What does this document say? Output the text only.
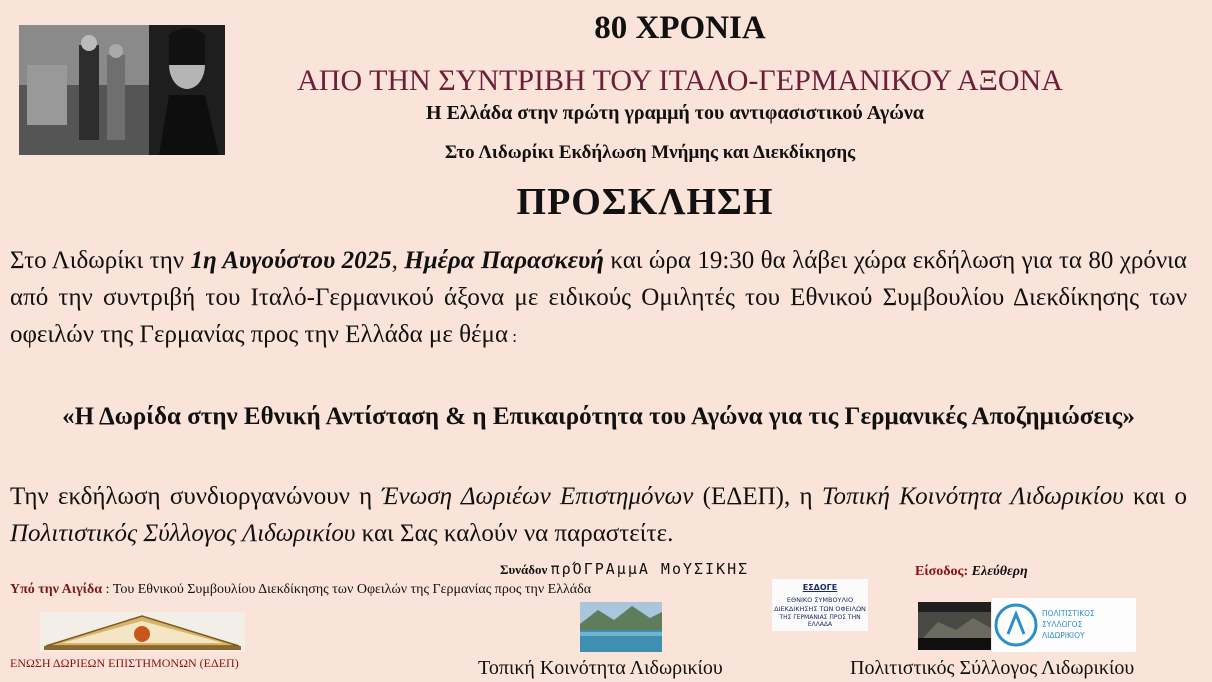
80 ΧΡΟΝΙΑ
ΑΠΟ ΤΗΝ ΣΥΝΤΡΙΒΗ ΤΟΥ ΙΤΑΛΟ-ΓΕΡΜΑΝΙΚΟΥ ΑΞΟΝΑ
Η Ελλάδα στην πρώτη γραμμή του αντιφασιστικού Αγώνα
Στο Λιδωρίκι Εκδήλωση Μνήμης και Διεκδίκησης
ΠΡΟΣΚΛΗΣΗ
Στο Λιδωρίκι την 1η Αυγούστου 2025, Ημέρα Παρασκευή και ώρα 19:30 θα λάβει χώρα εκδήλωση για τα 80 χρόνια από την συντριβή του Ιταλό-Γερμανικού άξονα με ειδικούς Ομιλητές του Εθνικού Συμβουλίου Διεκδίκησης των οφειλών της Γερμανίας προς την Ελλάδα με θέμα :
«Η Δωρίδα στην Εθνική Αντίσταση & η Επικαιρότητα του Αγώνα για τις Γερμανικές Αποζημιώσεις»
Την εκδήλωση συνδιοργανώνουν η Ένωση Δωριέων Επιστημόνων (ΕΔΕΠ), η Τοπική Κοινότητα Λιδωρικίου και ο Πολιτιστικός Σύλλογος Λιδωρικίου και Σας καλούν να παραστείτε.
Υπό την Αιγίδα : Του Εθνικού Συμβουλίου Διεκδίκησης των Οφειλών της Γερμανίας προς την Ελλάδα
Συνάδον πρΌΓΡΑμμΑ ΜοΥΣΙΚΗΣ	Είσοδος: Ελεύθερη
ΕΝΩΣΗ ΔΩΡΙΕΩΝ ΕΠΙΣΤΗΜΟΝΩΝ (ΕΔΕΠ)	Τοπική Κοινότητα Λιδωρικίου
ΕΣΔΟΓΕ
ΕΘΝΙΚΟ ΣΥΜΒΟΥΛΙΟ
ΔΙΕΚΔΙΚΗΣΗΣ ΤΩΝ ΟΦΕΙΛΩΝ
ΤΗΣ ΓΕΡΜΑΝΙΑΣ ΠΡΟΣ ΤΗΝ ΕΛΛΑΔΑ
ΠΟΛΙΤΙΣΤΙΚΟΣ
ΣΥΛΛΟΓΟΣ
ΛΙΔΩΡΙΚΙΟΥ
Πολιτιστικός Σύλλογος Λιδωρικίου
